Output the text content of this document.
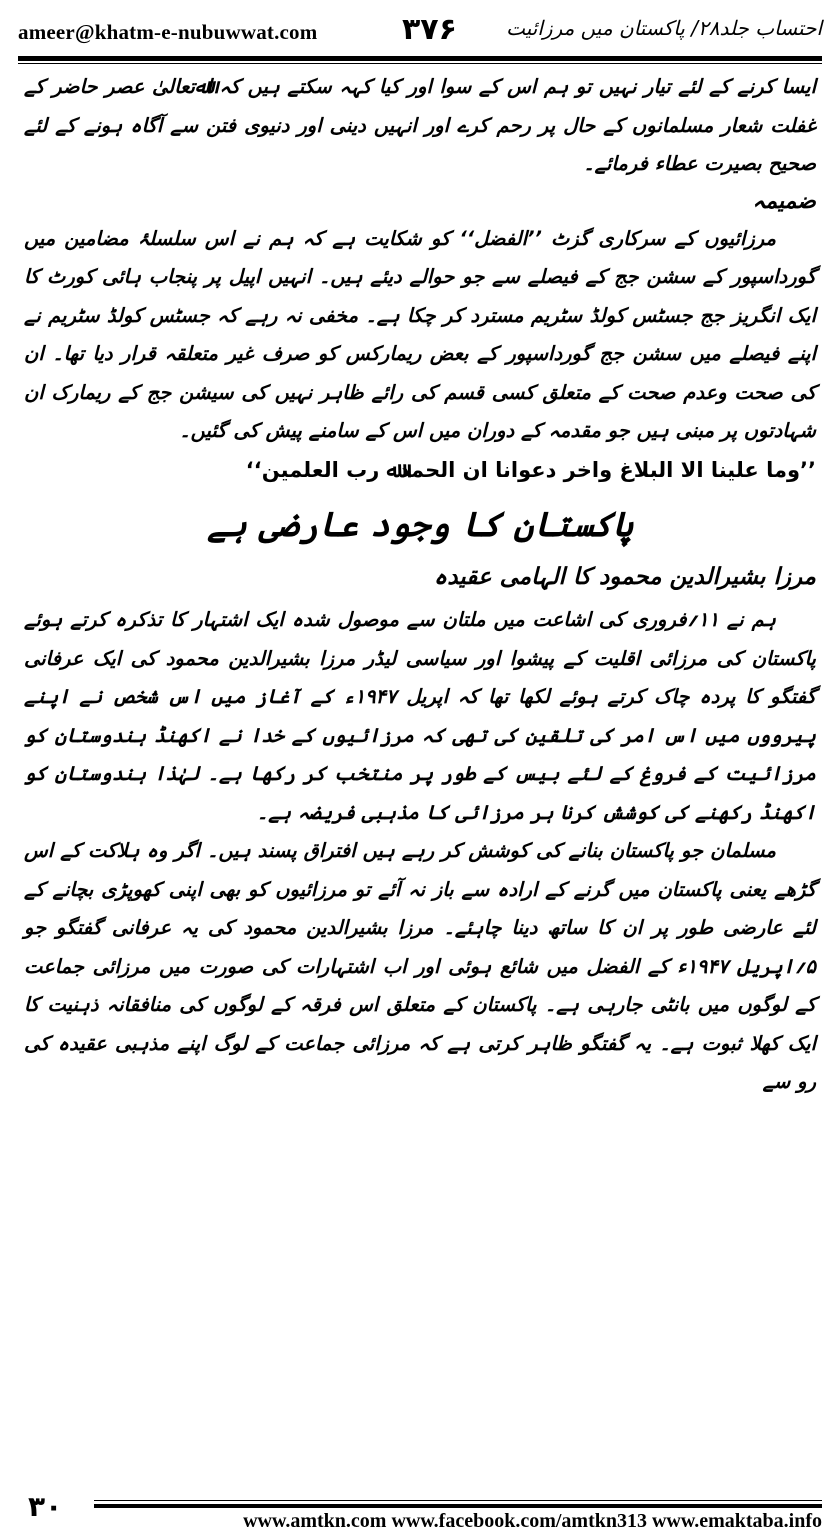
ameer@khatm-e-nubuwwat.com	۳۷۶ احتساب جلد۲۸/ پاکستان میں مرزائیت

ایسا کرنے کے لئے تیار نہیں تو ہم اس کے سوا اور کیا کہہ سکتے ہیں کہ اﷲتعالیٰ عصر حاضر کے غفلت شعار مسلمانوں کے حال پر رحم کرے اور انہیں دینی اور دنیوی فتن سے آگاہ ہونے کے لئے صحیح بصیرت عطاء فرمائے۔

ضمیمہ

مرزائیوں کے سرکاری گزٹ ’’الفضل‘‘ کو شکایت ہے کہ ہم نے اس سلسلۂ مضامین میں گورداسپور کے سشن جج کے فیصلے سے جو حوالے دیئے ہیں۔ انہیں اپیل پر پنجاب ہائی کورٹ کا ایک انگریز جج جسٹس کولڈ سٹریم مسترد کر چکا ہے۔ مخفی نہ رہے کہ جسٹس کولڈ سٹریم نے اپنے فیصلے میں سشن جج گورداسپور کے بعض ریمارکس کو صرف غیر متعلقہ قرار دیا تھا۔ ان کی صحت وعدم صحت کے متعلق کسی قسم کی رائے ظاہر نہیں کی سیشن جج کے ریمارک ان شہادتوں پر مبنی ہیں جو مقدمہ کے دوران میں اس کے سامنے پیش کی گئیں۔

’’وما علینا الا البلاغ واخر دعوانا ان الحمدﷲ رب العلمین‘‘

پاکستان کا وجود عارضی ہے

مرزا بشیرالدین محمود کا الہامی عقیدہ

ہم نے ۱۱؍فروری کی اشاعت میں ملتان سے موصول شدہ ایک اشتہار کا تذکرہ کرتے ہوئے پاکستان کی مرزائی اقلیت کے پیشوا اور سیاسی لیڈر مرزا بشیرالدین محمود کی ایک عرفانی گفتگو کا پردہ چاک کرتے ہوئے لکھا تھا کہ اپریل ۱۹۴۷ء کے آغاز میں اس شخص نے اپنے پیرووں میں اس امر کی تلقین کی تھی کہ مرزائیوں کے خدا نے اکھنڈ ہندوستان کو مرزائیت کے فروغ کے لئے بیس کے طور پر منتخب کر رکھا ہے۔ لہٰذا ہندوستان کو اکھنڈ رکھنے کی کوشش کرنا ہر مرزائی کا مذہبی فریضہ ہے۔

مسلمان جو پاکستان بنانے کی کوشش کر رہے ہیں افتراق پسند ہیں۔ اگر وہ ہلاکت کے اس گڑھے یعنی پاکستان میں گرنے کے ارادہ سے باز نہ آئے تو مرزائیوں کو بھی اپنی کھوپڑی بچانے کے لئے عارضی طور پر ان کا ساتھ دینا چاہئے۔ مرزا بشیرالدین محمود کی یہ عرفانی گفتگو جو ۵؍اپریل ۱۹۴۷ء کے الفضل میں شائع ہوئی اور اب اشتہارات کی صورت میں مرزائی جماعت کے لوگوں میں بانٹی جارہی ہے۔ پاکستان کے متعلق اس فرقہ کے لوگوں کی منافقانہ ذہنیت کا ایک کھلا ثبوت ہے۔ یہ گفتگو ظاہر کرتی ہے کہ مرزائی جماعت کے لوگ اپنے مذہبی عقیدہ کی رو سے

۳۰	www.amtkn.com www.facebook.com/amtkn313 www.emaktaba.info
